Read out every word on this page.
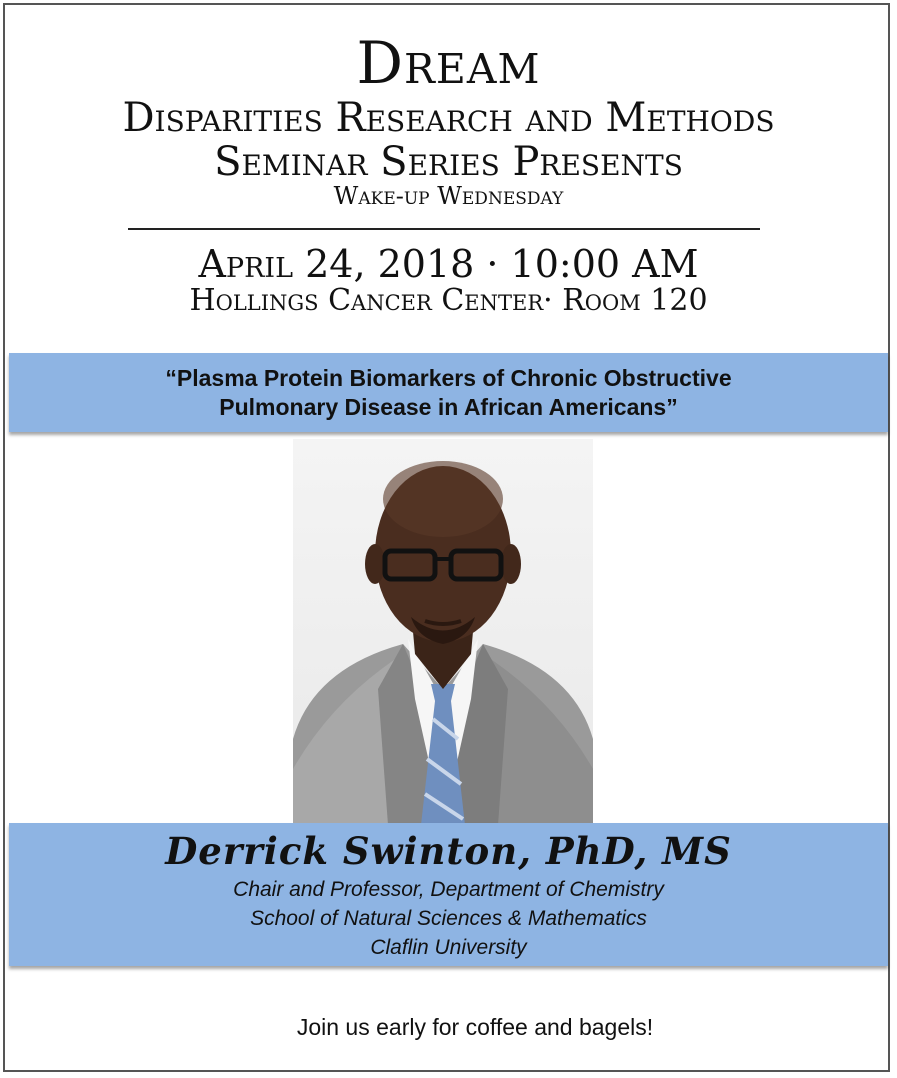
Dream
Disparities Research and Methods
Seminar Series Presents
Wake-up Wednesday
April 24, 2018 · 10:00 AM
Hollings Cancer Center· Room 120
“Plasma Protein Biomarkers of Chronic Obstructive
Pulmonary Disease in African Americans”
Derrick Swinton, PhD, MS
Chair and Professor, Department of Chemistry
School of Natural Sciences & Mathematics
Claflin University
Join us early for coffee and bagels!
